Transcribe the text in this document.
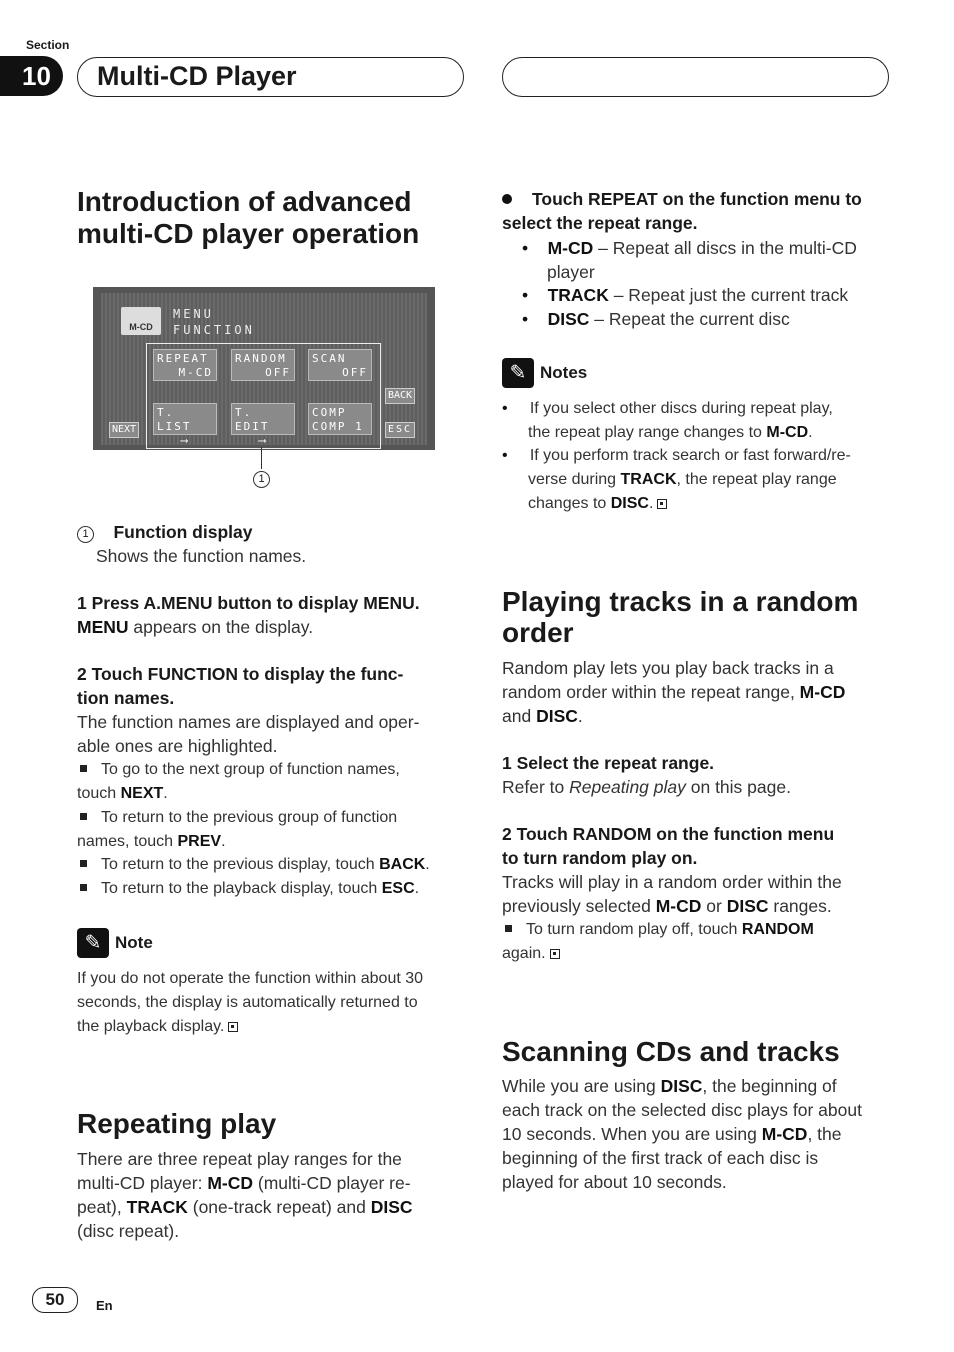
Section
10	Multi-CD Player
Introduction of advanced
multi-CD player operation
M-CD
MENU
FUNCTION
REPEAT
M-CD
RANDOM
OFF
SCAN
OFF
T. LIST
⟶
T. EDIT
⟶
COMP
COMP 1
NEXT
BACK
ESC
1
1 Function display
Shows the function names.
1 Press A.MENU button to display MENU.
MENU appears on the display.
2 Touch FUNCTION to display the func-
tion names.
The function names are displayed and oper-
able ones are highlighted.
To go to the next group of function names,
touch NEXT.
To return to the previous group of function
names, touch PREV.
To return to the previous display, touch BACK.
To return to the playback display, touch ESC.
✎ Note
If you do not operate the function within about 30
seconds, the display is automatically returned to
the playback display.
Repeating play
There are three repeat play ranges for the
multi-CD player: M-CD (multi-CD player re-
peat), TRACK (one-track repeat) and DISC
(disc repeat).
50	En
Touch REPEAT on the function menu to
select the repeat range.
• M-CD – Repeat all discs in the multi-CD
player
• TRACK – Repeat just the current track
• DISC – Repeat the current disc
✎ Notes
• If you select other discs during repeat play,
the repeat play range changes to M-CD.
• If you perform track search or fast forward/re-
verse during TRACK, the repeat play range
changes to DISC.
Playing tracks in a random
order
Random play lets you play back tracks in a
random order within the repeat range, M-CD
and DISC.
1 Select the repeat range.
Refer to Repeating play on this page.
2 Touch RANDOM on the function menu
to turn random play on.
Tracks will play in a random order within the
previously selected M-CD or DISC ranges.
To turn random play off, touch RANDOM
again.
Scanning CDs and tracks
While you are using DISC, the beginning of
each track on the selected disc plays for about
10 seconds. When you are using M-CD, the
beginning of the first track of each disc is
played for about 10 seconds.
